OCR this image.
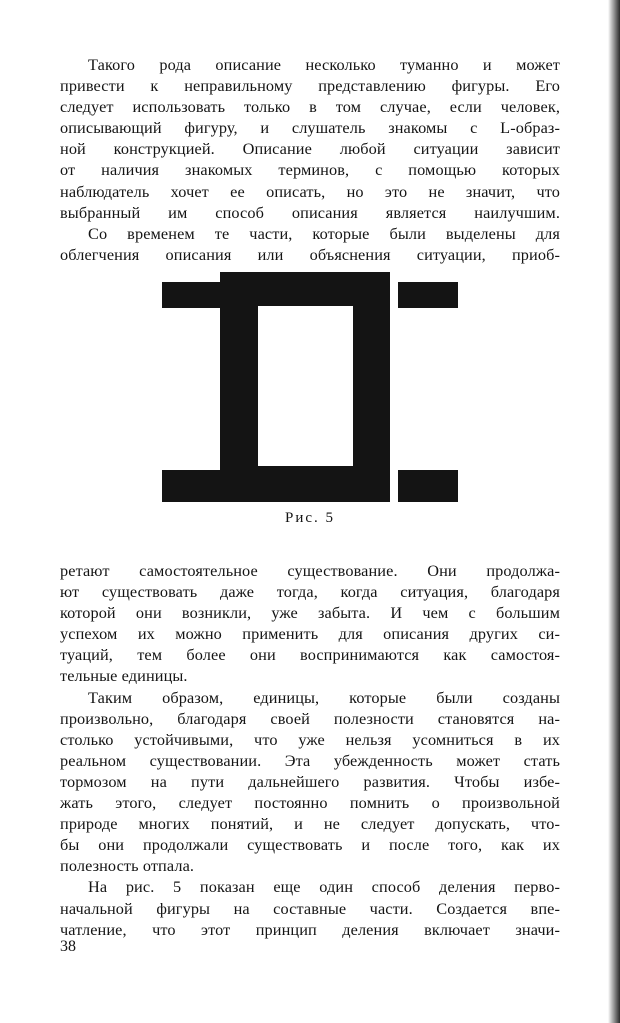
Такого рода описание несколько туманно и может
привести к неправильному представлению фигуры. Его
следует использовать только в том случае, если человек,
описывающий фигуру, и слушатель знакомы с L-образ-
ной конструкцией. Описание любой ситуации зависит
от наличия знакомых терминов, с помощью которых
наблюдатель хочет ее описать, но это не значит, что
выбранный им способ описания является наилучшим.
Со временем те части, которые были выделены для
облегчения описания или объяснения ситуации, приоб-
Рис. 5
ретают самостоятельное существование. Они продолжа-
ют существовать даже тогда, когда ситуация, благодаря
которой они возникли, уже забыта. И чем с большим
успехом их можно применить для описания других си-
туаций, тем более они воспринимаются как самостоя-
тельные единицы.
Таким образом, единицы, которые были созданы
произвольно, благодаря своей полезности становятся на-
столько устойчивыми, что уже нельзя усомниться в их
реальном существовании. Эта убежденность может стать
тормозом на пути дальнейшего развития. Чтобы избе-
жать этого, следует постоянно помнить о произвольной
природе многих понятий, и не следует допускать, что-
бы они продолжали существовать и после того, как их
полезность отпала.
На рис. 5 показан еще один способ деления перво-
начальной фигуры на составные части. Создается впе-
чатление, что этот принцип деления включает значи-
38
